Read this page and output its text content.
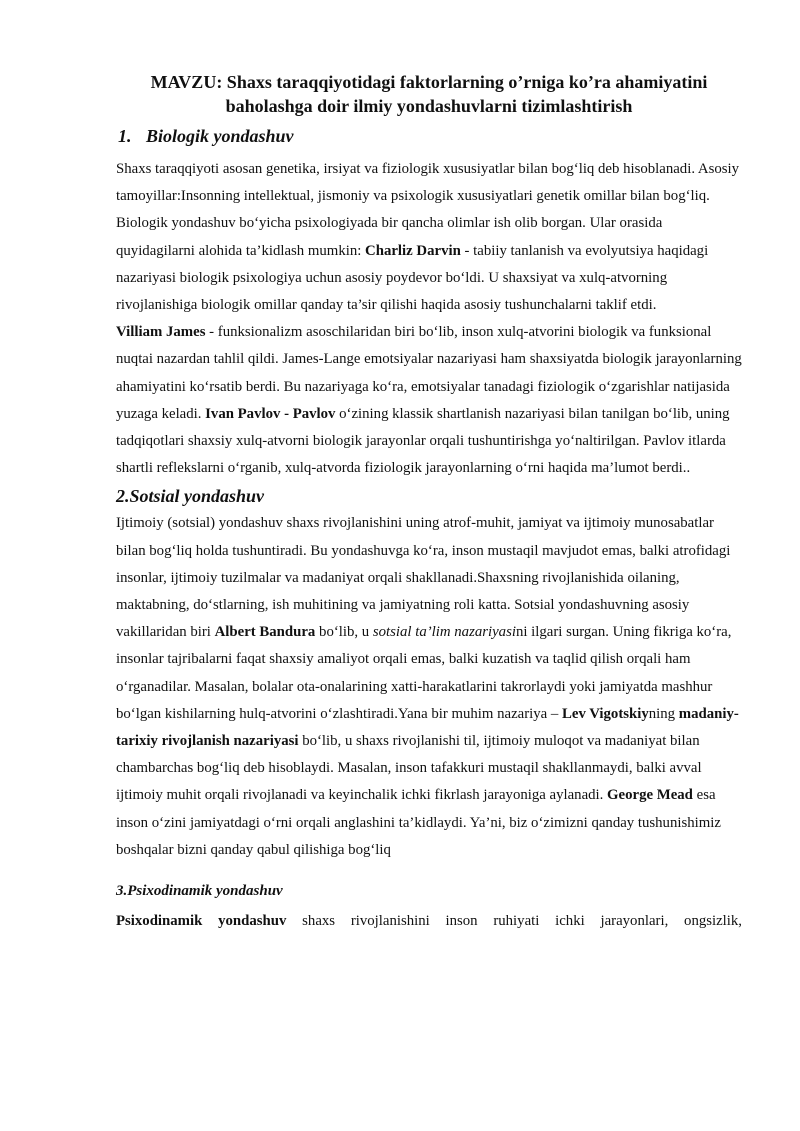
MAVZU: Shaxs taraqqiyotidagi faktorlarning o’rniga ko’ra ahamiyatini baholashga doir ilmiy yondashuvlarni tizimlashtirish
1. Biologik yondashuv

Shaxs taraqqiyoti asosan genetika, irsiyat va fiziologik xususiyatlar bilan bog‘liq deb hisoblanadi. Asosiy tamoyillar:Insonning intellektual, jismoniy va psixologik xususiyatlari genetik omillar bilan bog‘liq. Biologik yondashuv bo‘yicha psixologiyada bir qancha olimlar ish olib borgan. Ular orasida quyidagilarni alohida ta’kidlash mumkin: Charliz Darvin - tabiiy tanlanish va evolyutsiya haqidagi nazariyasi biologik psixologiya uchun asosiy poydevor bo‘ldi. U shaxsiyat va xulq-atvorning rivojlanishiga biologik omillar qanday ta’sir qilishi haqida asosiy tushunchalarni taklif etdi.

Villiam James - funksionalizm asoschilaridan biri bo‘lib, inson xulq-atvorini biologik va funksional nuqtai nazardan tahlil qildi. James-Lange emotsiyalar nazariyasi ham shaxsiyatda biologik jarayonlarning ahamiyatini ko‘rsatib berdi. Bu nazariyaga ko‘ra, emotsiyalar tanadagi fiziologik o‘zgarishlar natijasida yuzaga keladi. Ivan Pavlov - Pavlov o‘zining klassik shartlanish nazariyasi bilan tanilgan bo‘lib, uning tadqiqotlari shaxsiy xulq-atvorni biologik jarayonlar orqali tushuntirishga yo‘naltirilgan. Pavlov itlarda shartli reflekslarni o‘rganib, xulq-atvorda fiziologik jarayonlarning o‘rni haqida ma’lumot berdi..

2.Sotsial yondashuv

Ijtimoiy (sotsial) yondashuv shaxs rivojlanishini uning atrof-muhit, jamiyat va ijtimoiy munosabatlar bilan bog‘liq holda tushuntiradi. Bu yondashuvga ko‘ra, inson mustaqil mavjudot emas, balki atrofidagi insonlar, ijtimoiy tuzilmalar va madaniyat orqali shakllanadi.Shaxsning rivojlanishida oilaning, maktabning, do‘stlarning, ish muhitining va jamiyatning roli katta. Sotsial yondashuvning asosiy vakillaridan biri Albert Bandura bo‘lib, u sotsial ta’lim nazariyasini ilgari surgan. Uning fikriga ko‘ra, insonlar tajribalarni faqat shaxsiy amaliyot orqali emas, balki kuzatish va taqlid qilish orqali ham o‘rganadilar. Masalan, bolalar ota-onalarining xatti-harakatlarini takrorlaydi yoki jamiyatda mashhur bo‘lgan kishilarning hulq-atvorini o‘zlashtiradi.Yana bir muhim nazariya – Lev Vigotskiyning madaniy-tarixiy rivojlanish nazariyasi bo‘lib, u shaxs rivojlanishi til, ijtimoiy muloqot va madaniyat bilan chambarchas bog‘liq deb hisoblaydi. Masalan, inson tafakkuri mustaqil shakllanmaydi, balki avval ijtimoiy muhit orqali rivojlanadi va keyinchalik ichki fikrlash jarayoniga aylanadi. George Mead esa inson o‘zini jamiyatdagi o‘rni orqali anglashini ta’kidlaydi. Ya’ni, biz o‘zimizni qanday tushunishimiz boshqalar bizni qanday qabul qilishiga bog‘liq

3.Psixodinamik yondashuv

Psixodinamik yondashuv shaxs rivojlanishini inson ruhiyati ichki jarayonlari, ongsizlik,
